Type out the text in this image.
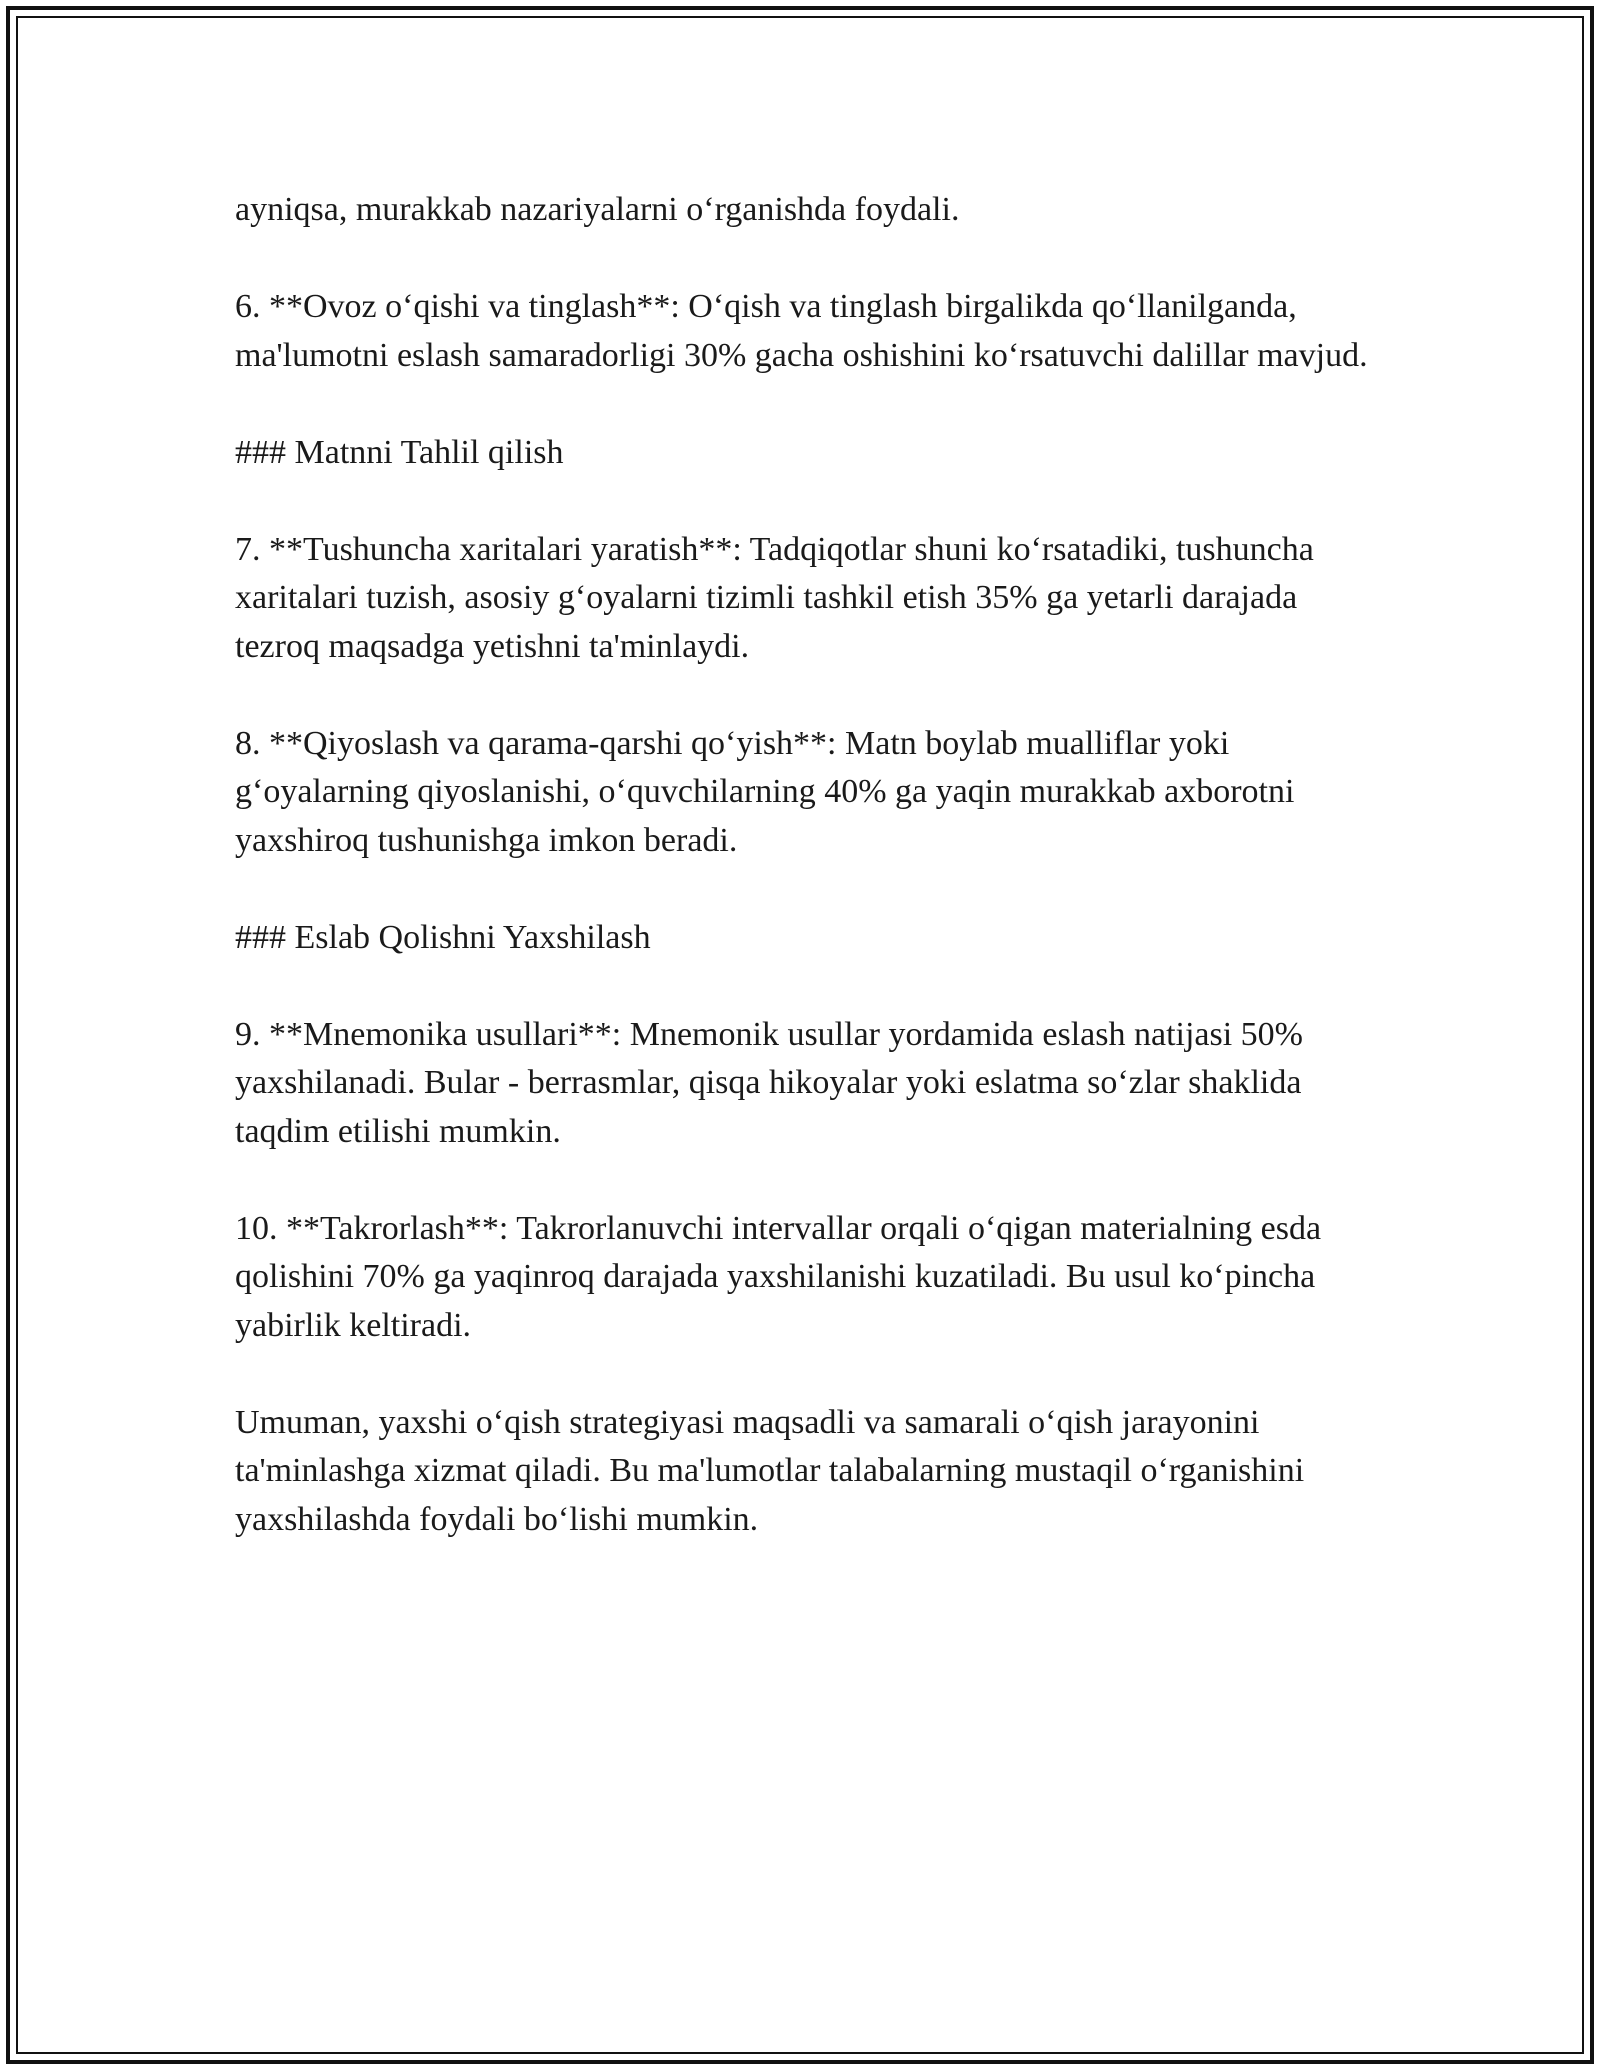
ayniqsa, murakkab nazariyalarni o‘rganishda foydali.

6. **Ovoz o‘qishi va tinglash**: O‘qish va tinglash birgalikda qo‘llanilganda, ma'lumotni eslash samaradorligi 30% gacha oshishini ko‘rsatuvchi dalillar mavjud.

### Matnni Tahlil qilish

7. **Tushuncha xaritalari yaratish**: Tadqiqotlar shuni ko‘rsatadiki, tushuncha xaritalari tuzish, asosiy g‘oyalarni tizimli tashkil etish 35% ga yetarli darajada tezroq maqsadga yetishni ta'minlaydi.

8. **Qiyoslash va qarama-qarshi qo‘yish**: Matn boylab mualliflar yoki g‘oyalarning qiyoslanishi, o‘quvchilarning 40% ga yaqin murakkab axborotni yaxshiroq tushunishga imkon beradi.

### Eslab Qolishni Yaxshilash

9. **Mnemonika usullari**: Mnemonik usullar yordamida eslash natijasi 50% yaxshilanadi. Bular - berrasmlar, qisqa hikoyalar yoki eslatma so‘zlar shaklida taqdim etilishi mumkin.

10. **Takrorlash**: Takrorlanuvchi intervallar orqali o‘qigan materialning esda qolishini 70% ga yaqinroq darajada yaxshilanishi kuzatiladi. Bu usul ko‘pincha yabirlik keltiradi.

Umuman, yaxshi o‘qish strategiyasi maqsadli va samarali o‘qish jarayonini ta'minlashga xizmat qiladi. Bu ma'lumotlar talabalarning mustaqil o‘rganishini yaxshilashda foydali bo‘lishi mumkin.
